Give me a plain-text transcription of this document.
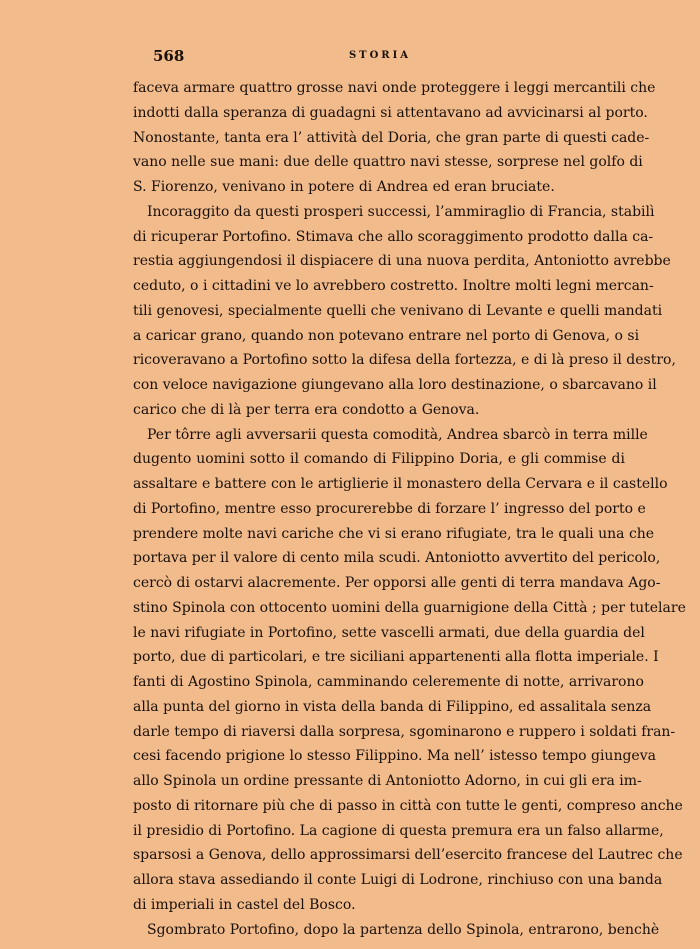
568	STORIA

faceva armare quattro grosse navi onde proteggere i leggi mercantili che
indotti dalla speranza di guadagni si attentavano ad avvicinarsi al porto.
Nonostante, tanta era l’ attività del Doria, che gran parte di questi cade-
vano nelle sue mani: due delle quattro navi stesse, sorprese nel golfo di
S. Fiorenzo, venivano in potere di Andrea ed eran bruciate.

Incoraggito da questi prosperi successi, l’ammiraglio di Francia, stabilì
di ricuperar Portofino. Stimava che allo scoraggimento prodotto dalla ca-
restia aggiungendosi il dispiacere di una nuova perdita, Antoniotto avrebbe
ceduto, o i cittadini ve lo avrebbero costretto. Inoltre molti legni mercan-
tili genovesi, specialmente quelli che venivano di Levante e quelli mandati
a caricar grano, quando non potevano entrare nel porto di Genova, o si
ricoveravano a Portofino sotto la difesa della fortezza, e di là preso il destro,
con veloce navigazione giungevano alla loro destinazione, o sbarcavano il
carico che di là per terra era condotto a Genova.

Per tôrre agli avversarii questa comodità, Andrea sbarcò in terra mille
dugento uomini sotto il comando di Filippino Doria, e gli commise di
assaltare e battere con le artiglierie il monastero della Cervara e il castello
di Portofino, mentre esso procurerebbe di forzare l’ ingresso del porto e
prendere molte navi cariche che vi si erano rifugiate, tra le quali una che
portava per il valore di cento mila scudi. Antoniotto avvertito del pericolo,
cercò di ostarvi alacremente. Per opporsi alle genti di terra mandava Ago-
stino Spinola con ottocento uomini della guarnigione della Città ; per tutelare
le navi rifugiate in Portofino, sette vascelli armati, due della guardia del
porto, due di particolari, e tre siciliani appartenenti alla flotta imperiale. I
fanti di Agostino Spinola, camminando celeremente di notte, arrivarono
alla punta del giorno in vista della banda di Filippino, ed assalitala senza
darle tempo di riaversi dalla sorpresa, sgominarono e ruppero i soldati fran-
cesi facendo prigione lo stesso Filippino. Ma nell’ istesso tempo giungeva
allo Spinola un ordine pressante di Antoniotto Adorno, in cui gli era im-
posto di ritornare più che di passo in città con tutte le genti, compreso anche
il presidio di Portofino. La cagione di questa premura era un falso allarme,
sparsosi a Genova, dello approssimarsi dell’esercito francese del Lautrec che
allora stava assediando il conte Luigi di Lodrone, rinchiuso con una banda
di imperiali in castel del Bosco.

Sgombrato Portofino, dopo la partenza dello Spinola, entrarono, benchè
